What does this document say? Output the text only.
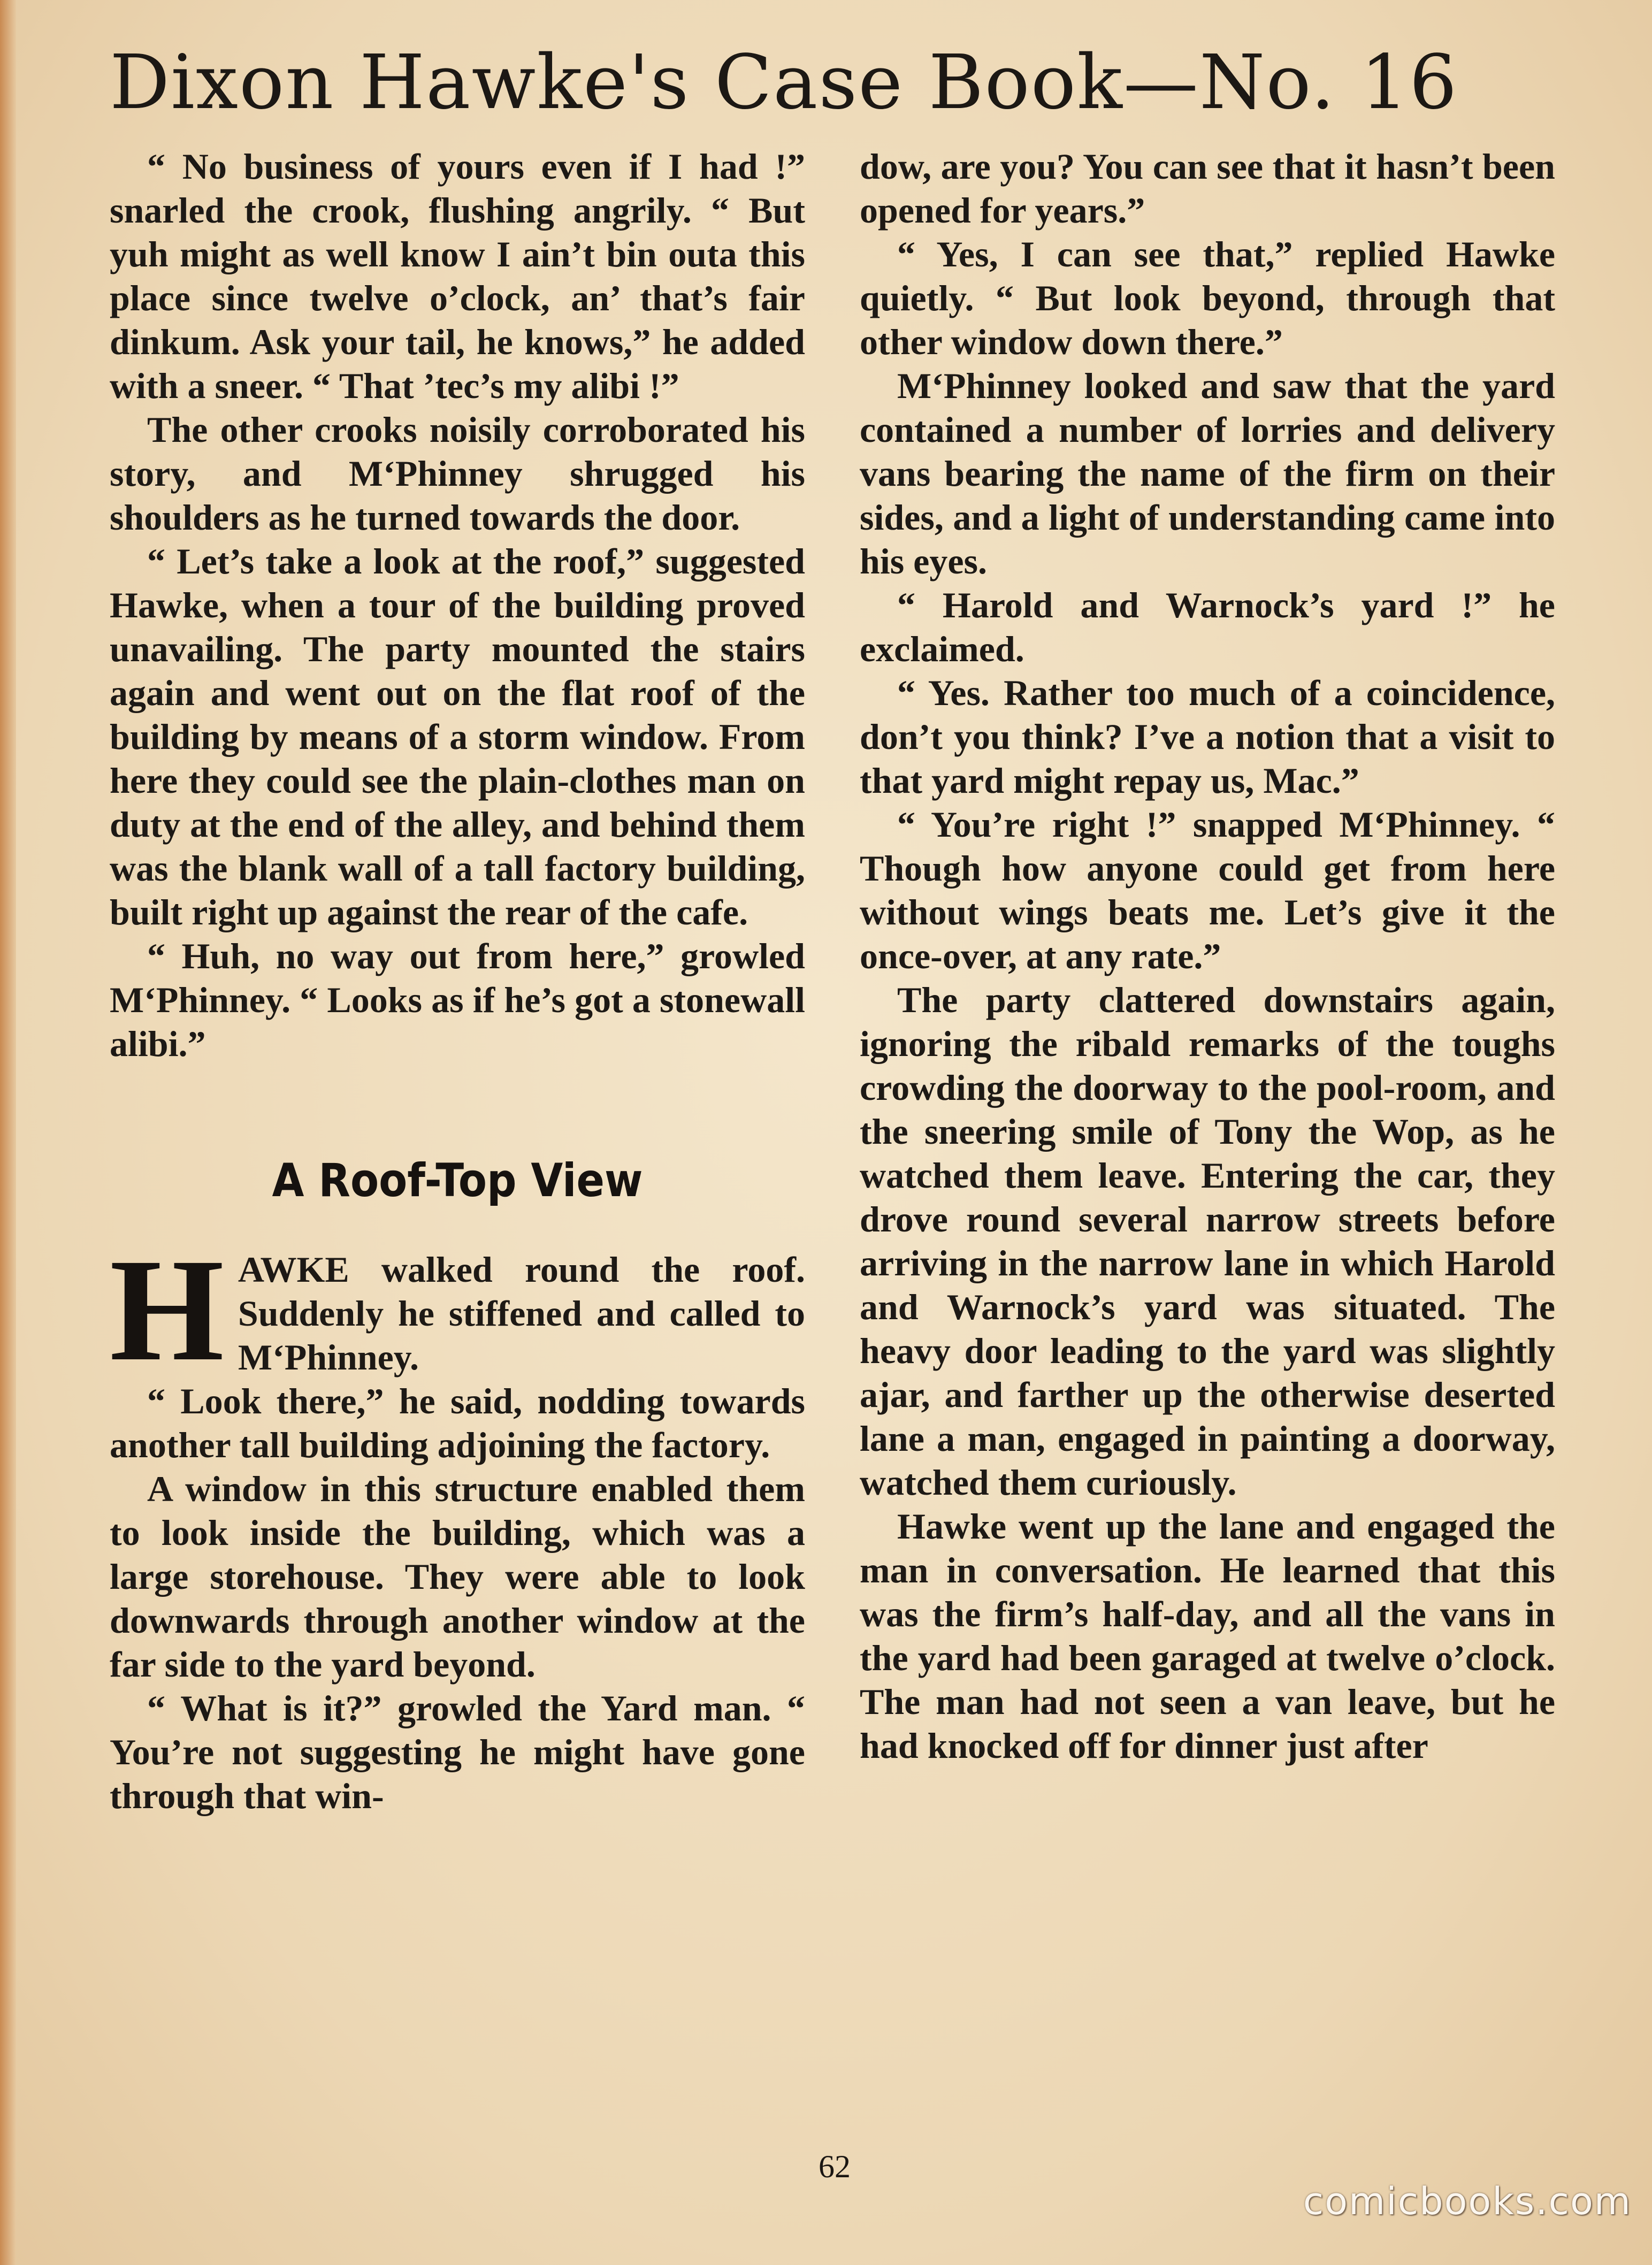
Dixon Hawke's Case Book—No. 16

“ No business of yours even if I had !” snarled the crook, flushing angrily. “ But yuh might as well know I ain’t bin outa this place since twelve o’clock, an’ that’s fair dinkum. Ask your tail, he knows,” he added with a sneer. “ That ’tec’s my alibi !”

The other crooks noisily corroborated his story, and M‘Phinney shrugged his shoulders as he turned towards the door.

“ Let’s take a look at the roof,” suggested Hawke, when a tour of the building proved unavailing. The party mounted the stairs again and went out on the flat roof of the building by means of a storm window. From here they could see the plain-clothes man on duty at the end of the alley, and behind them was the blank wall of a tall factory building, built right up against the rear of the cafe.

“ Huh, no way out from here,” growled M‘Phinney. “ Looks as if he’s got a stonewall alibi.”

A Roof-Top View

HAWKE walked round the roof. Suddenly he stiffened and called to M‘Phinney.

“ Look there,” he said, nodding towards another tall building adjoining the factory.

A window in this structure enabled them to look inside the building, which was a large storehouse. They were able to look downwards through another window at the far side to the yard beyond.

“ What is it?” growled the Yard man. “ You’re not suggesting he might have gone through that win-

dow, are you? You can see that it hasn’t been opened for years.”

“ Yes, I can see that,” replied Hawke quietly. “ But look beyond, through that other window down there.”

M‘Phinney looked and saw that the yard contained a number of lorries and delivery vans bearing the name of the firm on their sides, and a light of understanding came into his eyes.

“ Harold and Warnock’s yard !” he exclaimed.

“ Yes. Rather too much of a coincidence, don’t you think? I’ve a notion that a visit to that yard might repay us, Mac.”

“ You’re right !” snapped M‘Phinney. “ Though how anyone could get from here without wings beats me. Let’s give it the once-over, at any rate.”

The party clattered downstairs again, ignoring the ribald remarks of the toughs crowding the doorway to the pool-room, and the sneering smile of Tony the Wop, as he watched them leave. Entering the car, they drove round several narrow streets before arriving in the narrow lane in which Harold and Warnock’s yard was situated. The heavy door leading to the yard was slightly ajar, and farther up the otherwise deserted lane a man, engaged in painting a doorway, watched them curiously.

Hawke went up the lane and engaged the man in conversation. He learned that this was the firm’s half-day, and all the vans in the yard had been garaged at twelve o’clock. The man had not seen a van leave, but he had knocked off for dinner just after

62
comicbooks.com
